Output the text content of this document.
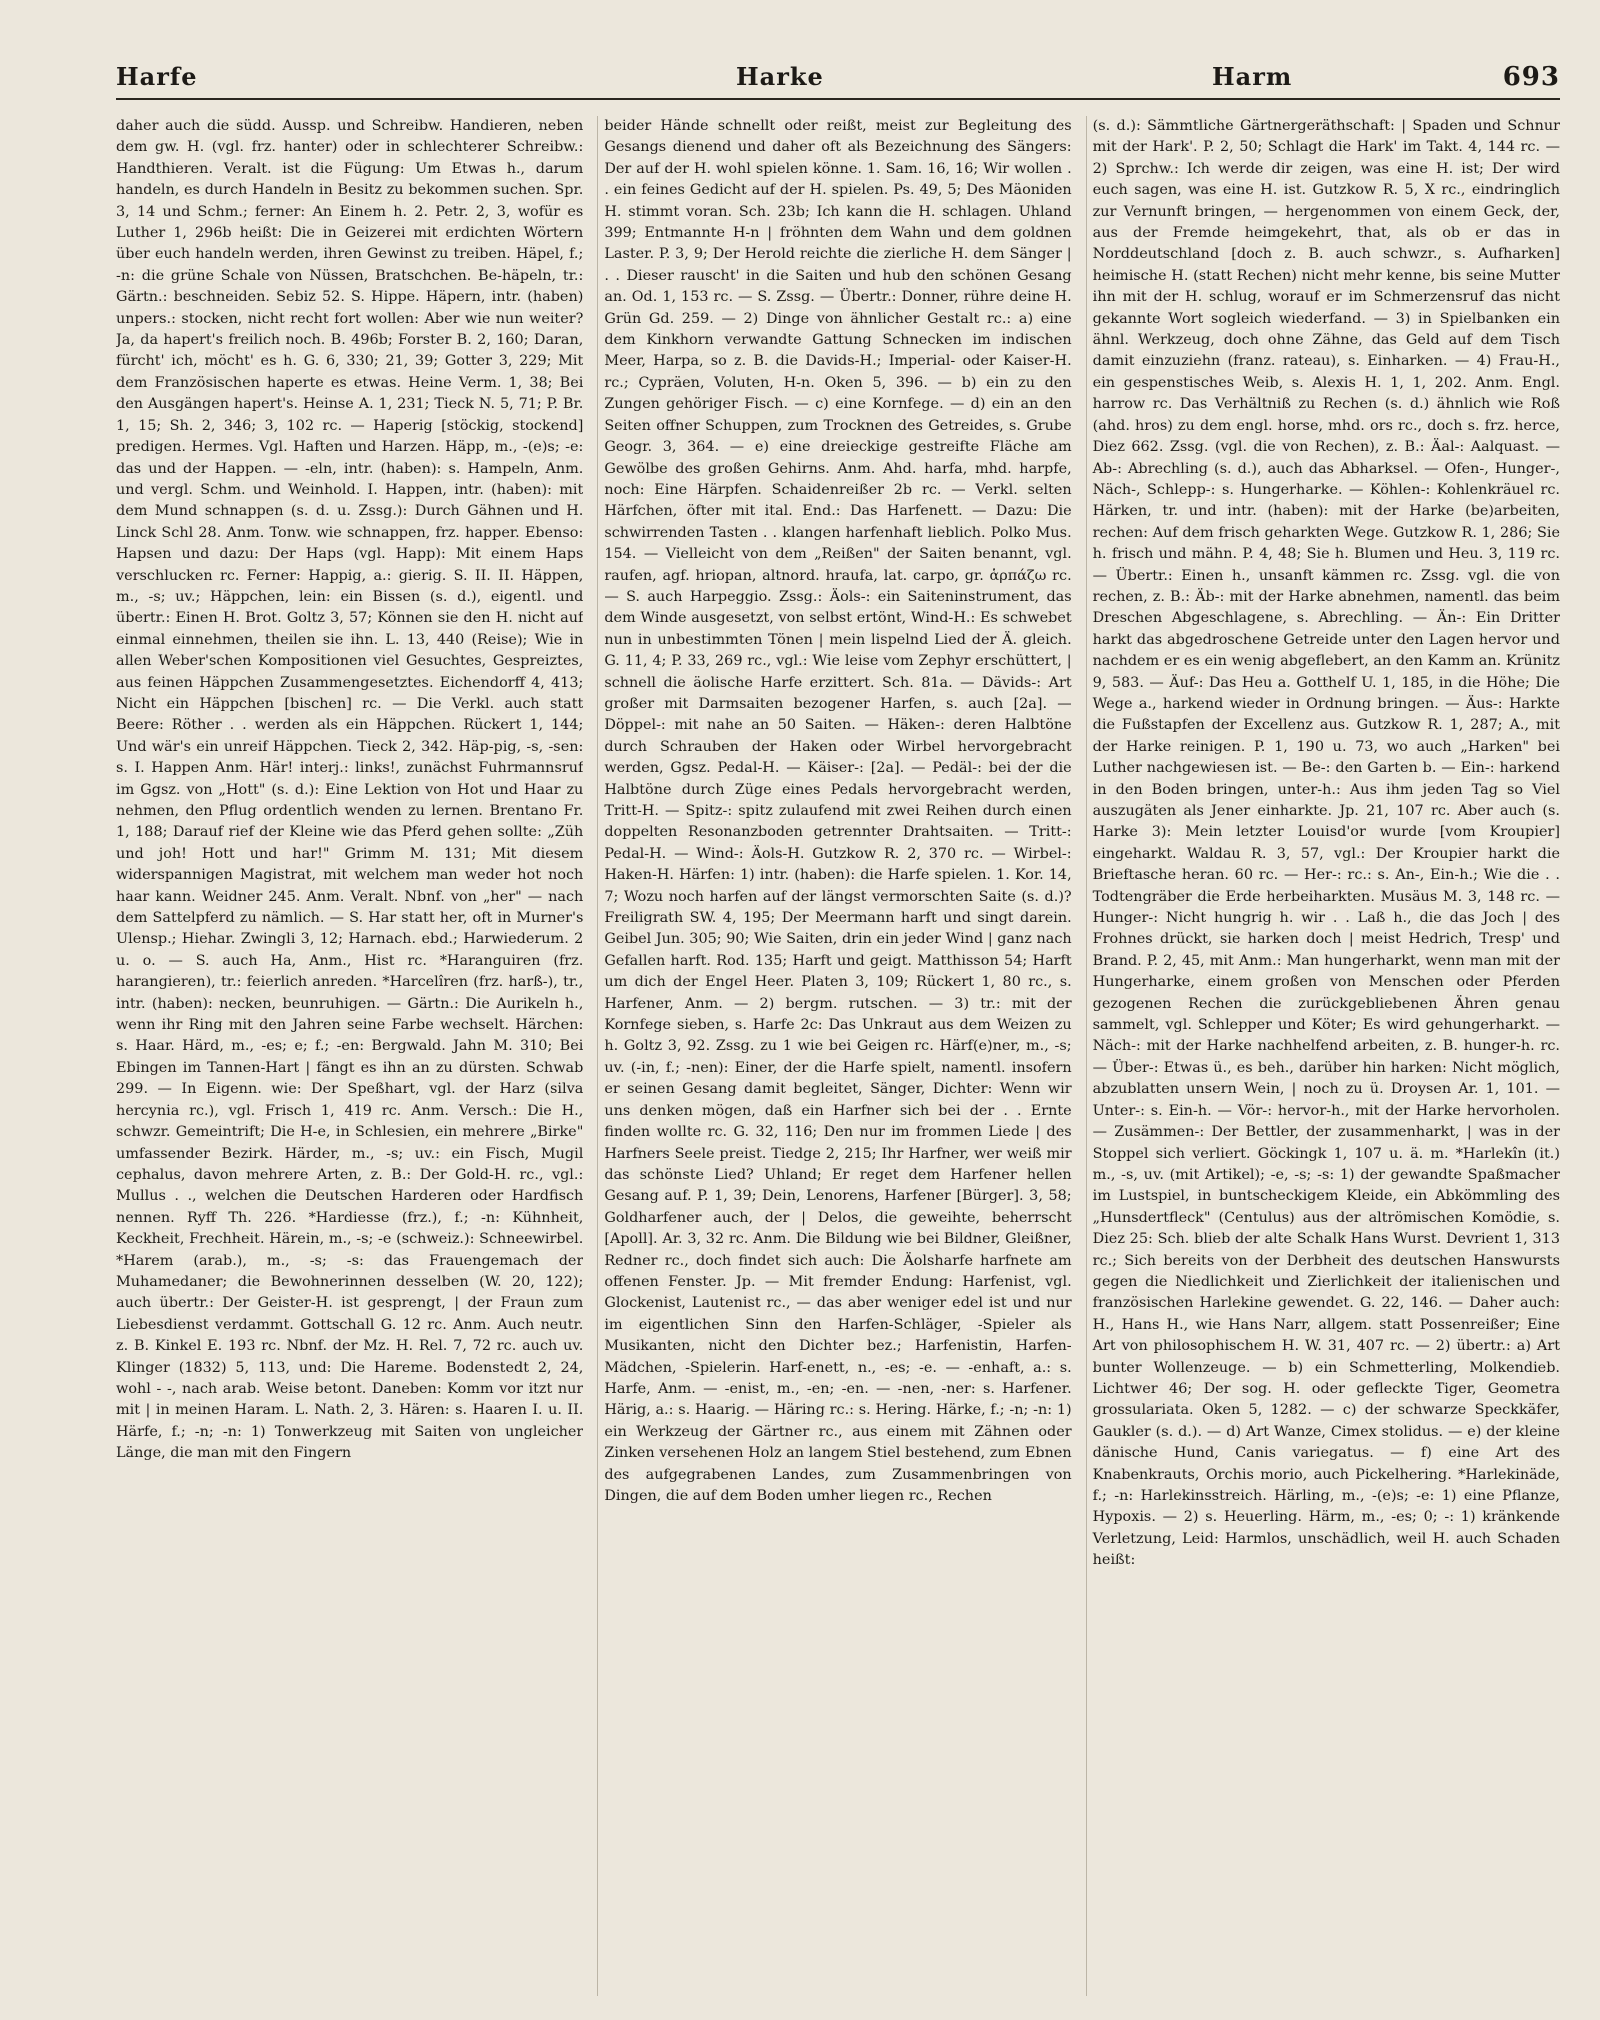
Harfe	Harke	Harm	693

daher auch die südd. Aussp. und Schreibw. Handieren, neben dem gw. H. (vgl. frz. hanter) oder in schlechterer Schreibw.: Handthieren. Veralt. ist die Fügung: Um Etwas h., darum handeln, es durch Handeln in Besitz zu bekommen suchen. Spr. 3, 14 und Schm.; ferner: An Einem h. 2. Petr. 2, 3, wofür es Luther 1, 296b heißt: Die in Geizerei mit erdichten Wörtern über euch handeln werden, ihren Gewinst zu treiben. Häpel, f.; -n: die grüne Schale von Nüssen, Bratschchen. Be-häpeln, tr.: Gärtn.: beschneiden. Sebiz 52. S. Hippe. Häpern, intr. (haben) unpers.: stocken, nicht recht fort wollen: Aber wie nun weiter? Ja, da hapert's freilich noch. B. 496b; Forster B. 2, 160; Daran, fürcht' ich, möcht' es h. G. 6, 330; 21, 39; Gotter 3, 229; Mit dem Französischen haperte es etwas. Heine Verm. 1, 38; Bei den Ausgängen hapert's. Heinse A. 1, 231; Tieck N. 5, 71; P. Br. 1, 15; Sh. 2, 346; 3, 102 rc. — Haperig [stöckig, stockend] predigen. Hermes. Vgl. Haften und Harzen. Häpp, m., -(e)s; -e: das und der Happen. — -eln, intr. (haben): s. Hampeln, Anm. und vergl. Schm. und Weinhold. I. Happen, intr. (haben): mit dem Mund schnappen (s. d. u. Zssg.): Durch Gähnen und H. Linck Schl 28. Anm. Tonw. wie schnappen, frz. happer. Ebenso: Hapsen und dazu: Der Haps (vgl. Happ): Mit einem Haps verschlucken rc. Ferner: Happig, a.: gierig. S. II. II. Häppen, m., -s; uv.; Häppchen, lein: ein Bissen (s. d.), eigentl. und übertr.: Einen H. Brot. Goltz 3, 57; Können sie den H. nicht auf einmal einnehmen, theilen sie ihn. L. 13, 440 (Reise); Wie in allen Weber'schen Kompositionen viel Gesuchtes, Gespreiztes, aus feinen Häppchen Zusammengesetztes. Eichendorff 4, 413; Nicht ein Häppchen [bischen] rc. — Die Verkl. auch statt Beere: Röther . . werden als ein Häppchen. Rückert 1, 144; Und wär's ein unreif Häppchen. Tieck 2, 342. Häp-pig, -s, -sen: s. I. Happen Anm. Här! interj.: links!, zunächst Fuhrmannsruf im Ggsz. von „Hott" (s. d.): Eine Lektion von Hot und Haar zu nehmen, den Pflug ordentlich wenden zu lernen. Brentano Fr. 1, 188; Darauf rief der Kleine wie das Pferd gehen sollte: „Züh und joh! Hott und har!" Grimm M. 131; Mit diesem widerspannigen Magistrat, mit welchem man weder hot noch haar kann. Weidner 245. Anm. Veralt. Nbnf. von „her" — nach dem Sattelpferd zu nämlich. — S. Har statt her, oft in Murner's Ulensp.; Hiehar. Zwingli 3, 12; Harnach. ebd.; Harwiederum. 2 u. o. — S. auch Ha, Anm., Hist rc. *Haranguiren (frz. harangieren), tr.: feierlich anreden. *Harcelîren (frz. harß-), tr., intr. (haben): necken, beunruhigen. — Gärtn.: Die Aurikeln h., wenn ihr Ring mit den Jahren seine Farbe wechselt. Härchen: s. Haar. Härd, m., -es; e; f.; -en: Bergwald. Jahn M. 310; Bei Ebingen im Tannen-Hart | fängt es ihn an zu dürsten. Schwab 299. — In Eigenn. wie: Der Speßhart, vgl. der Harz (silva hercynia rc.), vgl. Frisch 1, 419 rc. Anm. Versch.: Die H., schwzr. Gemeintrift; Die H-e, in Schlesien, ein mehrere „Birke" umfassender Bezirk. Härder, m., -s; uv.: ein Fisch, Mugil cephalus, davon mehrere Arten, z. B.: Der Gold-H. rc., vgl.: Mullus . ., welchen die Deutschen Harderen oder Hardfisch nennen. Ryff Th. 226. *Hardiesse (frz.), f.; -n: Kühnheit, Keckheit, Frechheit. Härein, m., -s; -e (schweiz.): Schneewirbel. *Harem (arab.), m., -s; -s: das Frauengemach der Muhamedaner; die Bewohnerinnen desselben (W. 20, 122); auch übertr.: Der Geister-H. ist gesprengt, | der Fraun zum Liebesdienst verdammt. Gottschall G. 12 rc. Anm. Auch neutr. z. B. Kinkel E. 193 rc. Nbnf. der Mz. H. Rel. 7, 72 rc. auch uv. Klinger (1832) 5, 113, und: Die Hareme. Bodenstedt 2, 24, wohl - -, nach arab. Weise betont. Daneben: Komm vor itzt nur mit | in meinen Haram. L. Nath. 2, 3. Hären: s. Haaren I. u. II. Härfe, f.; -n; -n: 1) Tonwerkzeug mit Saiten von ungleicher Länge, die man mit den Fingern

beider Hände schnellt oder reißt, meist zur Begleitung des Gesangs dienend und daher oft als Bezeichnung des Sängers: Der auf der H. wohl spielen könne. 1. Sam. 16, 16; Wir wollen . . ein feines Gedicht auf der H. spielen. Ps. 49, 5; Des Mäoniden H. stimmt voran. Sch. 23b; Ich kann die H. schlagen. Uhland 399; Entmannte H-n | fröhnten dem Wahn und dem goldnen Laster. P. 3, 9; Der Herold reichte die zierliche H. dem Sänger | . . Dieser rauscht' in die Saiten und hub den schönen Gesang an. Od. 1, 153 rc. — S. Zssg. — Übertr.: Donner, rühre deine H. Grün Gd. 259. — 2) Dinge von ähnlicher Gestalt rc.: a) eine dem Kinkhorn verwandte Gattung Schnecken im indischen Meer, Harpa, so z. B. die Davids-H.; Imperial- oder Kaiser-H. rc.; Cypräen, Voluten, H-n. Oken 5, 396. — b) ein zu den Zungen gehöriger Fisch. — c) eine Kornfege. — d) ein an den Seiten offner Schuppen, zum Trocknen des Getreides, s. Grube Geogr. 3, 364. — e) eine dreieckige gestreifte Fläche am Gewölbe des großen Gehirns. Anm. Ahd. harfa, mhd. harpfe, noch: Eine Härpfen. Schaidenreißer 2b rc. — Verkl. selten Härfchen, öfter mit ital. End.: Das Harfenett. — Dazu: Die schwirrenden Tasten . . klangen harfenhaft lieblich. Polko Mus. 154. — Vielleicht von dem „Reißen" der Saiten benannt, vgl. raufen, agf. hriopan, altnord. hraufa, lat. carpo, gr. ἁρπάζω rc. — S. auch Harpeggio. Zssg.: Äols-: ein Saiteninstrument, das dem Winde ausgesetzt, von selbst ertönt, Wind-H.: Es schwebet nun in unbestimmten Tönen | mein lispelnd Lied der Ä. gleich. G. 11, 4; P. 33, 269 rc., vgl.: Wie leise vom Zephyr erschüttert, | schnell die äolische Harfe erzittert. Sch. 81a. — Dävids-: Art großer mit Darmsaiten bezogener Harfen, s. auch [2a]. — Döppel-: mit nahe an 50 Saiten. — Häken-: deren Halbtöne durch Schrauben der Haken oder Wirbel hervorgebracht werden, Ggsz. Pedal-H. — Käiser-: [2a]. — Pedäl-: bei der die Halbtöne durch Züge eines Pedals hervorgebracht werden, Tritt-H. — Spitz-: spitz zulaufend mit zwei Reihen durch einen doppelten Resonanzboden getrennter Drahtsaiten. — Tritt-: Pedal-H. — Wind-: Äols-H. Gutzkow R. 2, 370 rc. — Wirbel-: Haken-H. Härfen: 1) intr. (haben): die Harfe spielen. 1. Kor. 14, 7; Wozu noch harfen auf der längst vermorschten Saite (s. d.)? Freiligrath SW. 4, 195; Der Meermann harft und singt darein. Geibel Jun. 305; 90; Wie Saiten, drin ein jeder Wind | ganz nach Gefallen harft. Rod. 135; Harft und geigt. Matthisson 54; Harft um dich der Engel Heer. Platen 3, 109; Rückert 1, 80 rc., s. Harfener, Anm. — 2) bergm. rutschen. — 3) tr.: mit der Kornfege sieben, s. Harfe 2c: Das Unkraut aus dem Weizen zu h. Goltz 3, 92. Zssg. zu 1 wie bei Geigen rc. Härf(e)ner, m., -s; uv. (-in, f.; -nen): Einer, der die Harfe spielt, namentl. insofern er seinen Gesang damit begleitet, Sänger, Dichter: Wenn wir uns denken mögen, daß ein Harfner sich bei der . . Ernte finden wollte rc. G. 32, 116; Den nur im frommen Liede | des Harfners Seele preist. Tiedge 2, 215; Ihr Harfner, wer weiß mir das schönste Lied? Uhland; Er reget dem Harfener hellen Gesang auf. P. 1, 39; Dein, Lenorens, Harfener [Bürger]. 3, 58; Goldharfener auch, der | Delos, die geweihte, beherrscht [Apoll]. Ar. 3, 32 rc. Anm. Die Bildung wie bei Bildner, Gleißner, Redner rc., doch findet sich auch: Die Äolsharfe harfnete am offenen Fenster. Jp. — Mit fremder Endung: Harfenist, vgl. Glockenist, Lautenist rc., — das aber weniger edel ist und nur im eigentlichen Sinn den Harfen-Schläger, -Spieler als Musikanten, nicht den Dichter bez.; Harfenistin, Harfen-Mädchen, -Spielerin. Harf-enett, n., -es; -e. — -enhaft, a.: s. Harfe, Anm. — -enist, m., -en; -en. — -nen, -ner: s. Harfener. Härig, a.: s. Haarig. — Häring rc.: s. Hering. Härke, f.; -n; -n: 1) ein Werkzeug der Gärtner rc., aus einem mit Zähnen oder Zinken versehenen Holz an langem Stiel bestehend, zum Ebnen des aufgegrabenen Landes, zum Zusammenbringen von Dingen, die auf dem Boden umher liegen rc., Rechen

(s. d.): Sämmtliche Gärtnergeräthschaft: | Spaden und Schnur mit der Hark'. P. 2, 50; Schlagt die Hark' im Takt. 4, 144 rc. — 2) Sprchw.: Ich werde dir zeigen, was eine H. ist; Der wird euch sagen, was eine H. ist. Gutzkow R. 5, X rc., eindringlich zur Vernunft bringen, — hergenommen von einem Geck, der, aus der Fremde heimgekehrt, that, als ob er das in Norddeutschland [doch z. B. auch schwzr., s. Aufharken] heimische H. (statt Rechen) nicht mehr kenne, bis seine Mutter ihn mit der H. schlug, worauf er im Schmerzensruf das nicht gekannte Wort sogleich wiederfand. — 3) in Spielbanken ein ähnl. Werkzeug, doch ohne Zähne, das Geld auf dem Tisch damit einzuziehn (franz. rateau), s. Einharken. — 4) Frau-H., ein gespenstisches Weib, s. Alexis H. 1, 1, 202. Anm. Engl. harrow rc. Das Verhältniß zu Rechen (s. d.) ähnlich wie Roß (ahd. hros) zu dem engl. horse, mhd. ors rc., doch s. frz. herce, Diez 662. Zssg. (vgl. die von Rechen), z. B.: Äal-: Aalquast. — Ab-: Abrechling (s. d.), auch das Abharksel. — Ofen-, Hunger-, Näch-, Schlepp-: s. Hungerharke. — Köhlen-: Kohlenkräuel rc. Härken, tr. und intr. (haben): mit der Harke (be)arbeiten, rechen: Auf dem frisch geharkten Wege. Gutzkow R. 1, 286; Sie h. frisch und mähn. P. 4, 48; Sie h. Blumen und Heu. 3, 119 rc. — Übertr.: Einen h., unsanft kämmen rc. Zssg. vgl. die von rechen, z. B.: Äb-: mit der Harke abnehmen, namentl. das beim Dreschen Abgeschlagene, s. Abrechling. — Än-: Ein Dritter harkt das abgedroschene Getreide unter den Lagen hervor und nachdem er es ein wenig abgeflebert, an den Kamm an. Krünitz 9, 583. — Äuf-: Das Heu a. Gotthelf U. 1, 185, in die Höhe; Die Wege a., harkend wieder in Ordnung bringen. — Äus-: Harkte die Fußstapfen der Excellenz aus. Gutzkow R. 1, 287; A., mit der Harke reinigen. P. 1, 190 u. 73, wo auch „Harken" bei Luther nachgewiesen ist. — Be-: den Garten b. — Ein-: harkend in den Boden bringen, unter-h.: Aus ihm jeden Tag so Viel auszugäten als Jener einharkte. Jp. 21, 107 rc. Aber auch (s. Harke 3): Mein letzter Louisd'or wurde [vom Kroupier] eingeharkt. Waldau R. 3, 57, vgl.: Der Kroupier harkt die Brieftasche heran. 60 rc. — Her-: rc.: s. An-, Ein-h.; Wie die . . Todtengräber die Erde herbeiharkten. Musäus M. 3, 148 rc. — Hunger-: Nicht hungrig h. wir . . Laß h., die das Joch | des Frohnes drückt, sie harken doch | meist Hedrich, Tresp' und Brand. P. 2, 45, mit Anm.: Man hungerharkt, wenn man mit der Hungerharke, einem großen von Menschen oder Pferden gezogenen Rechen die zurückgebliebenen Ähren genau sammelt, vgl. Schlepper und Köter; Es wird gehungerharkt. — Näch-: mit der Harke nachhelfend arbeiten, z. B. hunger-h. rc. — Über-: Etwas ü., es beh., darüber hin harken: Nicht möglich, abzublatten unsern Wein, | noch zu ü. Droysen Ar. 1, 101. — Unter-: s. Ein-h. — Vör-: hervor-h., mit der Harke hervorholen. — Zusämmen-: Der Bettler, der zusammenharkt, | was in der Stoppel sich verliert. Göckingk 1, 107 u. ä. m. *Harlekîn (it.) m., -s, uv. (mit Artikel); -e, -s; -s: 1) der gewandte Spaßmacher im Lustspiel, in buntscheckigem Kleide, ein Abkömmling des „Hunsdertfleck" (Centulus) aus der altrömischen Komödie, s. Diez 25: Sch. blieb der alte Schalk Hans Wurst. Devrient 1, 313 rc.; Sich bereits von der Derbheit des deutschen Hanswursts gegen die Niedlichkeit und Zierlichkeit der italienischen und französischen Harlekine gewendet. G. 22, 146. — Daher auch: H., Hans H., wie Hans Narr, allgem. statt Possenreißer; Eine Art von philosophischem H. W. 31, 407 rc. — 2) übertr.: a) Art bunter Wollenzeuge. — b) ein Schmetterling, Molkendieb. Lichtwer 46; Der sog. H. oder gefleckte Tiger, Geometra grossulariata. Oken 5, 1282. — c) der schwarze Speckkäfer, Gaukler (s. d.). — d) Art Wanze, Cimex stolidus. — e) der kleine dänische Hund, Canis variegatus. — f) eine Art des Knabenkrauts, Orchis morio, auch Pickelhering. *Harlekinäde, f.; -n: Harlekinsstreich. Härling, m., -(e)s; -e: 1) eine Pflanze, Hypoxis. — 2) s. Heuerling. Härm, m., -es; 0; -: 1) kränkende Verletzung, Leid: Harmlos, unschädlich, weil H. auch Schaden heißt:
